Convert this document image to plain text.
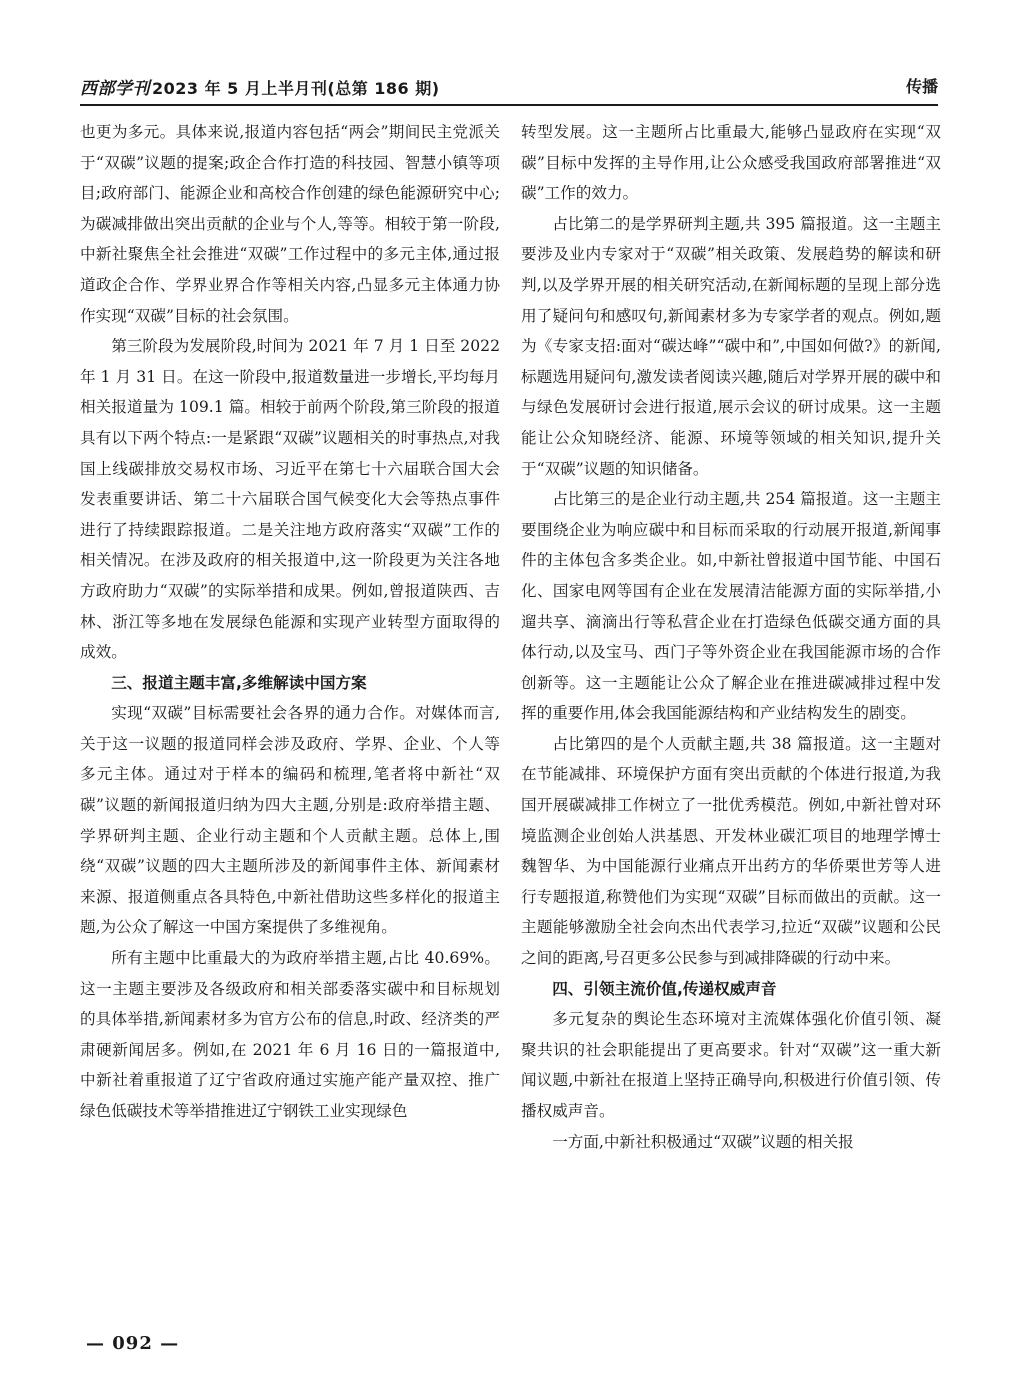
西部学刊 2023 年 5 月上半月刊(总第 186 期)	传播

也更为多元。具体来说,报道内容包括“两会”期间民主党派关于“双碳”议题的提案;政企合作打造的科技园、智慧小镇等项目;政府部门、能源企业和高校合作创建的绿色能源研究中心;为碳减排做出突出贡献的企业与个人,等等。相较于第一阶段,中新社聚焦全社会推进“双碳”工作过程中的多元主体,通过报道政企合作、学界业界合作等相关内容,凸显多元主体通力协作实现“双碳”目标的社会氛围。

第三阶段为发展阶段,时间为 2021 年 7 月 1 日至 2022 年 1 月 31 日。在这一阶段中,报道数量进一步增长,平均每月相关报道量为 109.1 篇。相较于前两个阶段,第三阶段的报道具有以下两个特点:一是紧跟“双碳”议题相关的时事热点,对我国上线碳排放交易权市场、习近平在第七十六届联合国大会发表重要讲话、第二十六届联合国气候变化大会等热点事件进行了持续跟踪报道。二是关注地方政府落实“双碳”工作的相关情况。在涉及政府的相关报道中,这一阶段更为关注各地方政府助力“双碳”的实际举措和成果。例如,曾报道陕西、吉林、浙江等多地在发展绿色能源和实现产业转型方面取得的成效。

三、报道主题丰富,多维解读中国方案

实现“双碳”目标需要社会各界的通力合作。对媒体而言,关于这一议题的报道同样会涉及政府、学界、企业、个人等多元主体。通过对于样本的编码和梳理,笔者将中新社“双碳”议题的新闻报道归纳为四大主题,分别是:政府举措主题、学界研判主题、企业行动主题和个人贡献主题。总体上,围绕“双碳”议题的四大主题所涉及的新闻事件主体、新闻素材来源、报道侧重点各具特色,中新社借助这些多样化的报道主题,为公众了解这一中国方案提供了多维视角。

所有主题中比重最大的为政府举措主题,占比 40.69%。这一主题主要涉及各级政府和相关部委落实碳中和目标规划的具体举措,新闻素材多为官方公布的信息,时政、经济类的严肃硬新闻居多。例如,在 2021 年 6 月 16 日的一篇报道中,中新社着重报道了辽宁省政府通过实施产能产量双控、推广绿色低碳技术等举措推进辽宁钢铁工业实现绿色

转型发展。这一主题所占比重最大,能够凸显政府在实现“双碳”目标中发挥的主导作用,让公众感受我国政府部署推进“双碳”工作的效力。

占比第二的是学界研判主题,共 395 篇报道。这一主题主要涉及业内专家对于“双碳”相关政策、发展趋势的解读和研判,以及学界开展的相关研究活动,在新闻标题的呈现上部分选用了疑问句和感叹句,新闻素材多为专家学者的观点。例如,题为《专家支招:面对“碳达峰”“碳中和”,中国如何做?》的新闻,标题选用疑问句,激发读者阅读兴趣,随后对学界开展的碳中和与绿色发展研讨会进行报道,展示会议的研讨成果。这一主题能让公众知晓经济、能源、环境等领域的相关知识,提升关于“双碳”议题的知识储备。

占比第三的是企业行动主题,共 254 篇报道。这一主题主要围绕企业为响应碳中和目标而采取的行动展开报道,新闻事件的主体包含多类企业。如,中新社曾报道中国节能、中国石化、国家电网等国有企业在发展清洁能源方面的实际举措,小遛共享、滴滴出行等私营企业在打造绿色低碳交通方面的具体行动,以及宝马、西门子等外资企业在我国能源市场的合作创新等。这一主题能让公众了解企业在推进碳减排过程中发挥的重要作用,体会我国能源结构和产业结构发生的剧变。

占比第四的是个人贡献主题,共 38 篇报道。这一主题对在节能减排、环境保护方面有突出贡献的个体进行报道,为我国开展碳减排工作树立了一批优秀模范。例如,中新社曾对环境监测企业创始人洪基恩、开发林业碳汇项目的地理学博士魏智华、为中国能源行业痛点开出药方的华侨栗世芳等人进行专题报道,称赞他们为实现“双碳”目标而做出的贡献。这一主题能够激励全社会向杰出代表学习,拉近“双碳”议题和公民之间的距离,号召更多公民参与到减排降碳的行动中来。

四、引领主流价值,传递权威声音

多元复杂的舆论生态环境对主流媒体强化价值引领、凝聚共识的社会职能提出了更高要求。针对“双碳”这一重大新闻议题,中新社在报道上坚持正确导向,积极进行价值引领、传播权威声音。

一方面,中新社积极通过“双碳”议题的相关报

— 092 —
